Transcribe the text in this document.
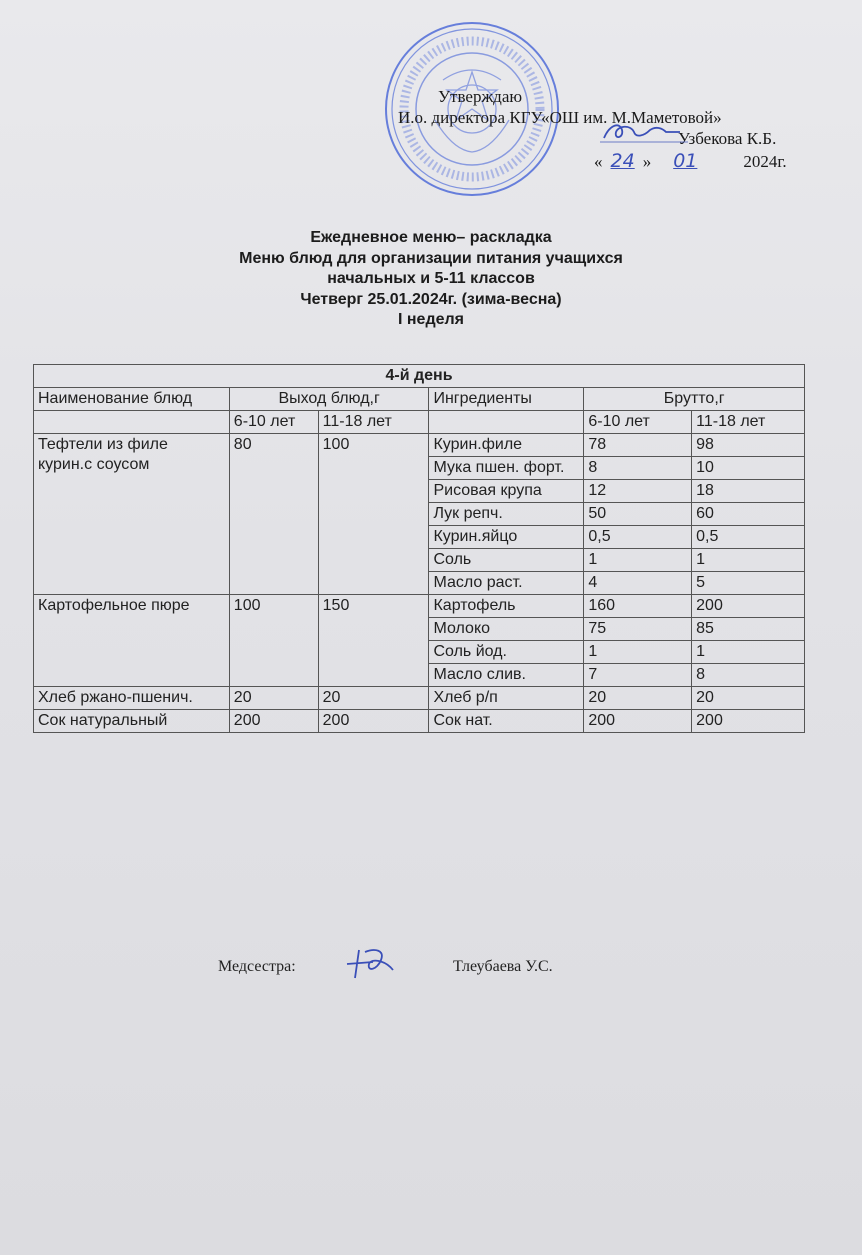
Утверждаю
И.о. директора КГУ«ОШ им. М.Маметовой»
Узбекова К.Б.
« 24 » 01	2024г.
Ежедневное меню– раскладка
Меню блюд для организации питания учащихся
начальных и 5-11 классов
Четверг 25.01.2024г. (зима-весна)
I неделя
4-й день					
Наименование блюд	Выход блюд,г		Ингредиенты	Брутто,г	
	6-10 лет	11-18 лет		6-10 лет	11-18 лет
Тефтели из филе курин.с соусом	80	100	Курин.филе	78	98
			Мука пшен. форт.	8	10
			Рисовая крупа	12	18
			Лук репч.	50	60
			Курин.яйцо	0,5	0,5
			Соль	1	1
			Масло раст.	4	5
Картофельное пюре	100	150	Картофель	160	200
			Молоко	75	85
			Соль йод.	1	1
			Масло слив.	7	8
Хлеб ржано-пшенич.	20	20	Хлеб р/п	20	20
Сок натуральный	200	200	Сок нат.	200	200
Медсестра:	Тлеубаева У.С.
